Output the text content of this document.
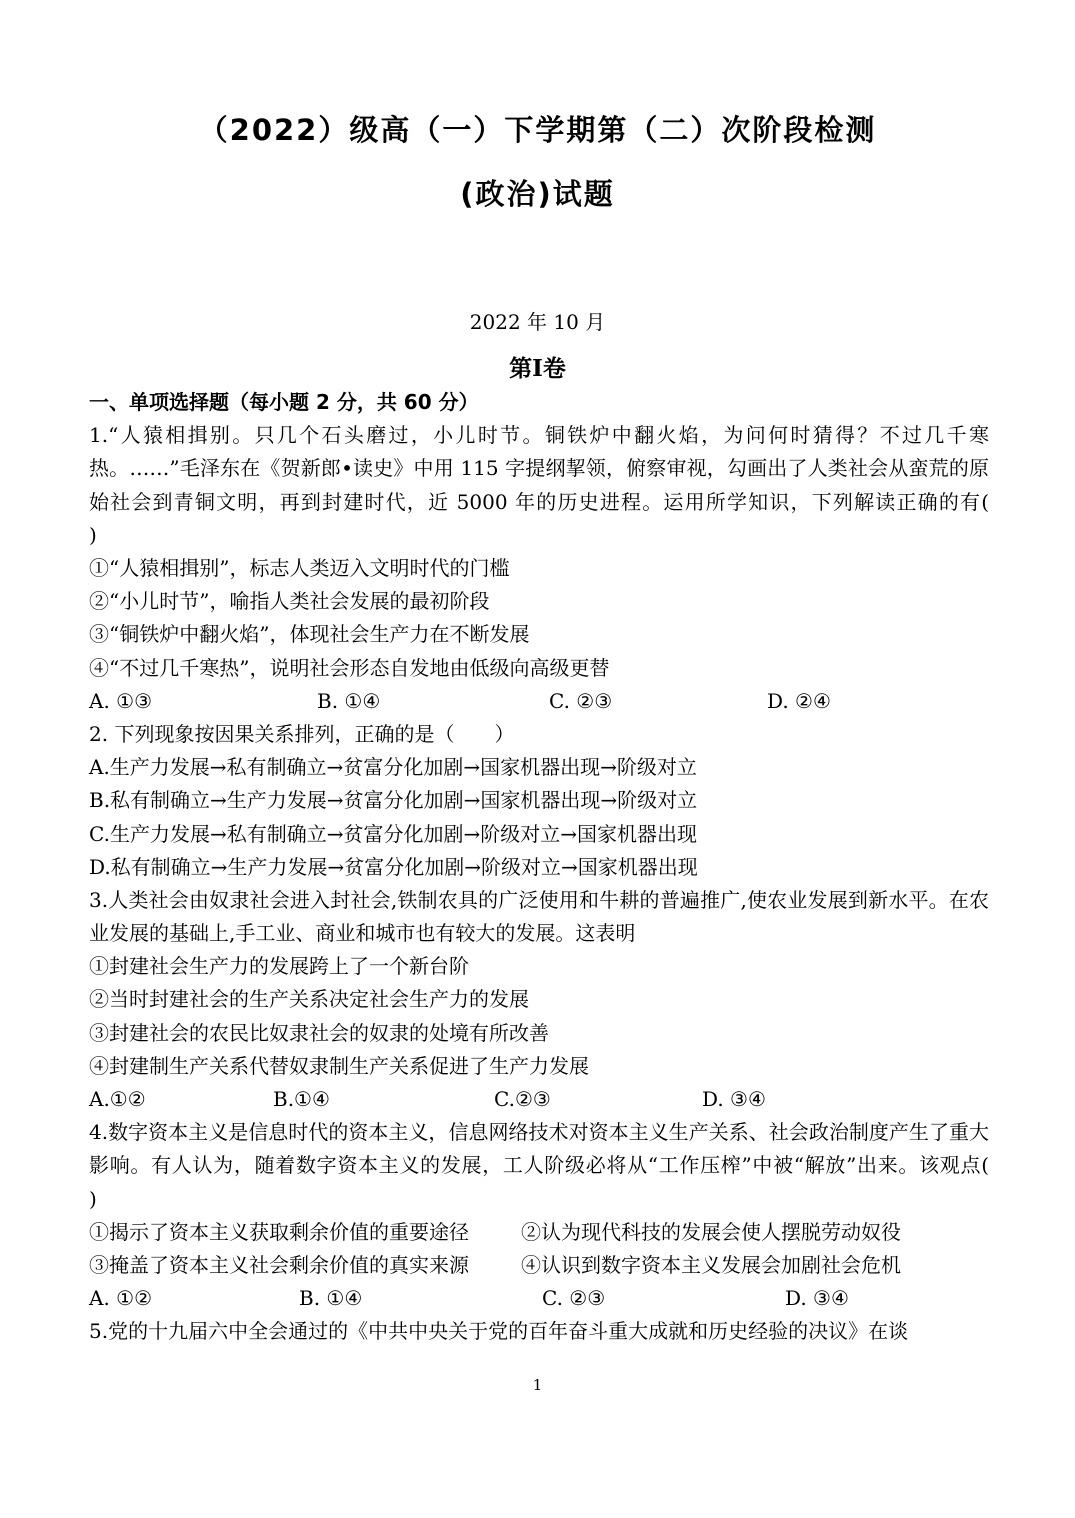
（2022）级高（一）下学期第（二）次阶段检测
(政治)试题
2022 年 10 月
第Ⅰ卷
一、单项选择题（每小题 2 分，共 60 分）
1.“人猿相揖别。只几个石头磨过，小儿时节。铜铁炉中翻火焰，为问何时猜得？不过几千寒热。……”毛泽东在《贺新郎•读史》中用 115 字提纲挈领，俯察审视，勾画出了人类社会从蛮荒的原始社会到青铜文明，再到封建时代，近 5000 年的历史进程。运用所学知识，下列解读正确的有(　　 )
①“人猿相揖别”，标志人类迈入文明时代的门槛
②“小儿时节”，喻指人类社会发展的最初阶段
③“铜铁炉中翻火焰”，体现社会生产力在不断发展
④“不过几千寒热”，说明社会形态自发地由低级向高级更替
A. ①③	B. ①④	C. ②③	D. ②④
2. 下列现象按因果关系排列，正确的是（　　）
A.生产力发展→私有制确立→贫富分化加剧→国家机器出现→阶级对立
B.私有制确立→生产力发展→贫富分化加剧→国家机器出现→阶级对立
C.生产力发展→私有制确立→贫富分化加剧→阶级对立→国家机器出现
D.私有制确立→生产力发展→贫富分化加剧→阶级对立→国家机器出现
3.人类社会由奴隶社会进入封社会,铁制农具的广泛使用和牛耕的普遍推广,使农业发展到新水平。在农业发展的基础上,手工业、商业和城市也有较大的发展。这表明
①封建社会生产力的发展跨上了一个新台阶
②当时封建社会的生产关系决定社会生产力的发展
③封建社会的农民比奴隶社会的奴隶的处境有所改善
④封建制生产关系代替奴隶制生产关系促进了生产力发展
A.①②	B.①④	C.②③	D. ③④
4.数字资本主义是信息时代的资本主义，信息网络技术对资本主义生产关系、社会政治制度产生了重大影响。有人认为，随着数字资本主义的发展，工人阶级必将从“工作压榨”中被“解放”出来。该观点(　　 )
①揭示了资本主义获取剩余价值的重要途径	②认为现代科技的发展会使人摆脱劳动奴役
③掩盖了资本主义社会剩余价值的真实来源	④认识到数字资本主义发展会加剧社会危机
A. ①②	B. ①④	C. ②③	D. ③④
5.党的十九届六中全会通过的《中共中央关于党的百年奋斗重大成就和历史经验的决议》在谈
1
